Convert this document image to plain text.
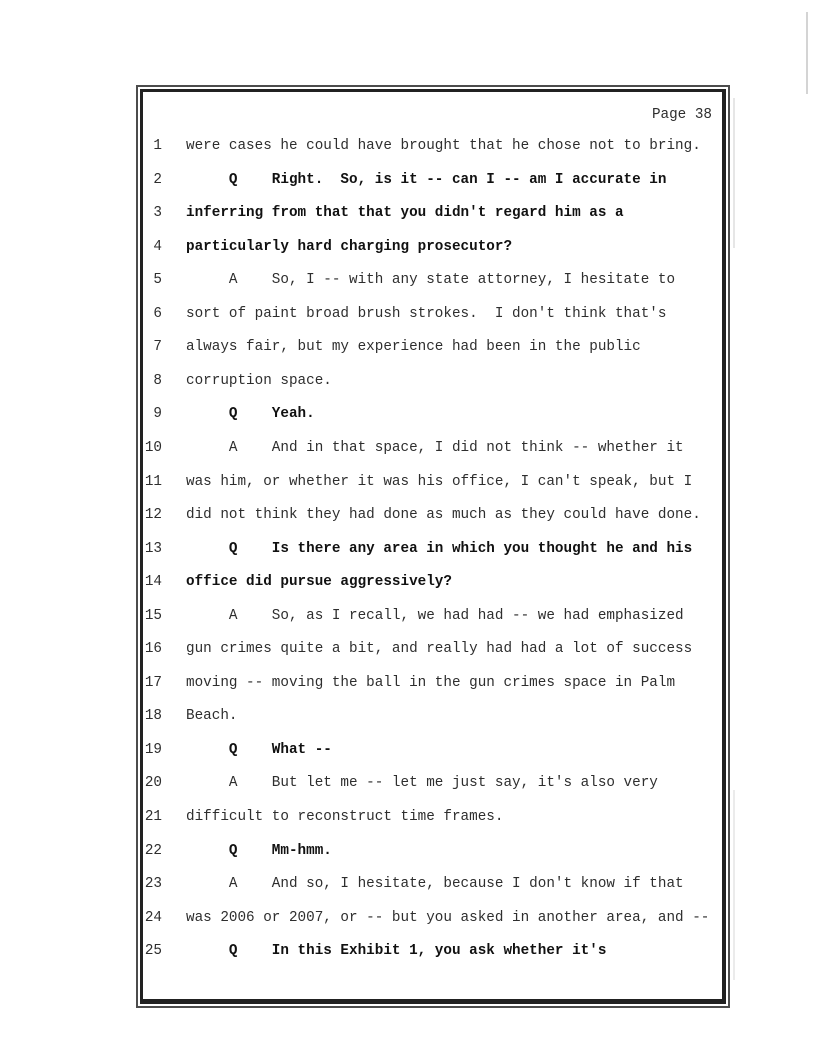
Page 38
1 were cases he could have brought that he chose not to bring.
2 Q    Right.  So, is it -- can I -- am I accurate in
3 inferring from that that you didn't regard him as a
4 particularly hard charging prosecutor?
5 A    So, I -- with any state attorney, I hesitate to
6 sort of paint broad brush strokes.  I don't think that's
7 always fair, but my experience had been in the public
8 corruption space.
9 Q    Yeah.
10 A    And in that space, I did not think -- whether it
11 was him, or whether it was his office, I can't speak, but I
12 did not think they had done as much as they could have done.
13 Q    Is there any area in which you thought he and his
14 office did pursue aggressively?
15 A    So, as I recall, we had had -- we had emphasized
16 gun crimes quite a bit, and really had had a lot of success
17 moving -- moving the ball in the gun crimes space in Palm
18 Beach.
19 Q    What --
20 A    But let me -- let me just say, it's also very
21 difficult to reconstruct time frames.
22 Q    Mm-hmm.
23 A    And so, I hesitate, because I don't know if that
24 was 2006 or 2007, or -- but you asked in another area, and --
25 Q    In this Exhibit 1, you ask whether it's
